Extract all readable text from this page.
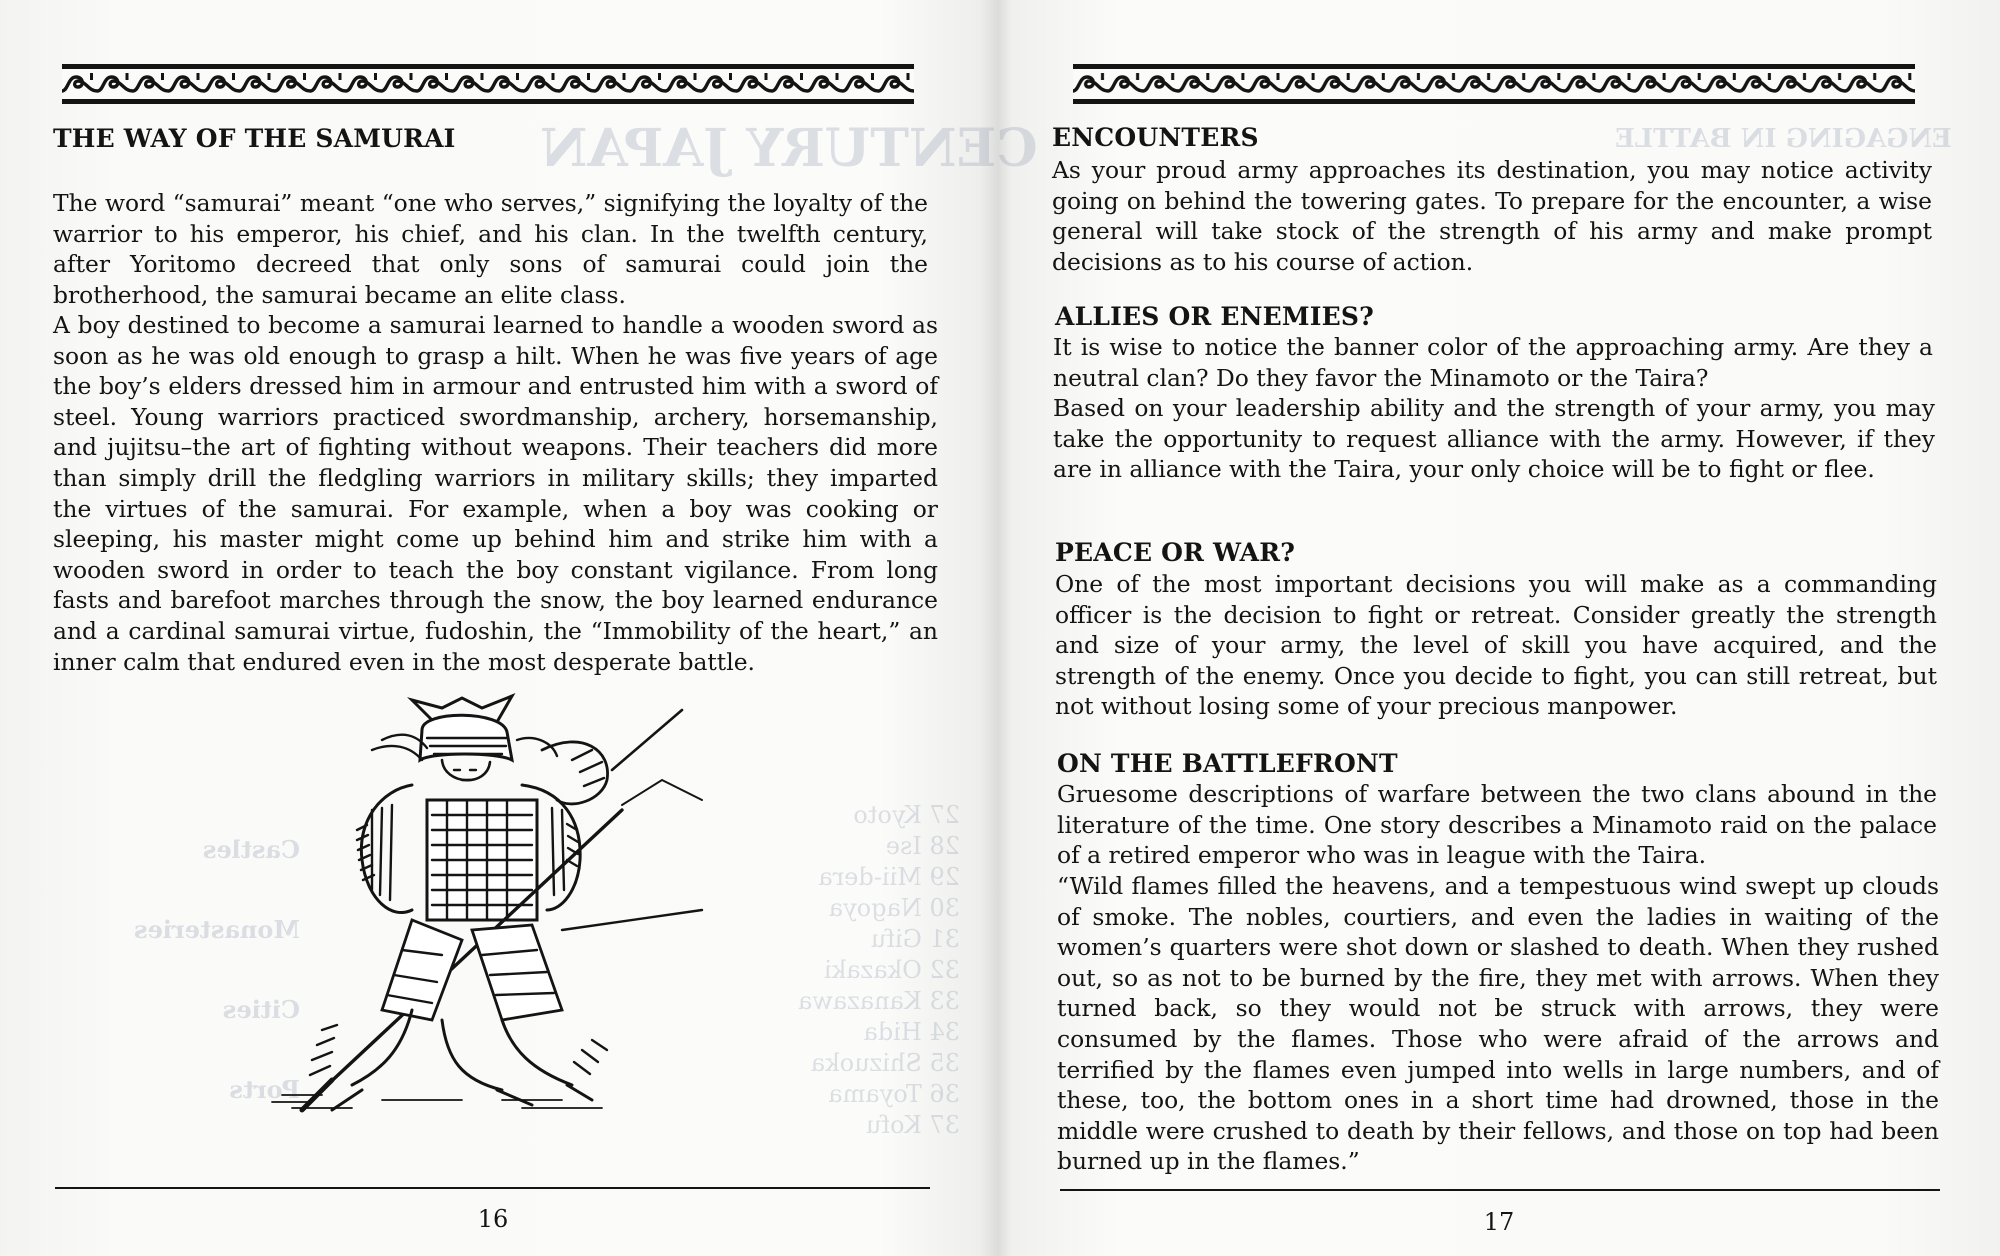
CENTURY JAPAN
27 Kyoto
28 Ise
29 Mii-dera
30 Nagoya
31 Gifu
32 Okazaki
33 Kanazawa
34 Hida
35 Shizuoka
36 Toyama
37 Kofu
Castles
Monasteries
Cities
Ports
THE WAY OF THE SAMURAI
The word “samurai” meant “one who serves,” signifying the loyalty of the warrior to his emperor, his chief, and his clan. In the twelfth century, after Yoritomo decreed that only sons of samurai could join the brotherhood, the samurai became an elite class.
A boy destined to become a samurai learned to handle a wooden sword as soon as he was old enough to grasp a hilt. When he was five years of age the boy’s elders dressed him in armour and entrusted him with a sword of steel. Young warriors practiced swordmanship, archery, horsemanship, and jujitsu–the art of fighting without weapons. Their teachers did more than simply drill the fledgling warriors in military skills; they imparted the virtues of the samurai. For example, when a boy was cooking or sleeping, his master might come up behind him and strike him with a wooden sword in order to teach the boy constant vigilance. From long fasts and barefoot marches through the snow, the boy learned endurance and a cardinal samurai virtue, fudoshin, the “Immobility of the heart,” an inner calm that endured even in the most desperate battle.
16
ENGAGING IN BATTLE
ENCOUNTERS
As your proud army approaches its destination, you may notice activity going on behind the towering gates. To prepare for the encounter, a wise general will take stock of the strength of his army and make prompt decisions as to his course of action.
ALLIES OR ENEMIES?
It is wise to notice the banner color of the approaching army. Are they a neutral clan? Do they favor the Minamoto or the Taira?
Based on your leadership ability and the strength of your army, you may take the opportunity to request alliance with the army. However, if they are in alliance with the Taira, your only choice will be to fight or flee.
PEACE OR WAR?
One of the most important decisions you will make as a commanding officer is the decision to fight or retreat. Consider greatly the strength and size of your army, the level of skill you have acquired, and the strength of the enemy. Once you decide to fight, you can still retreat, but not without losing some of your precious manpower.
ON THE BATTLEFRONT
Gruesome descriptions of warfare between the two clans abound in the literature of the time. One story describes a Minamoto raid on the palace of a retired emperor who was in league with the Taira.
“Wild flames filled the heavens, and a tempestuous wind swept up clouds of smoke. The nobles, courtiers, and even the ladies in waiting of the women’s quarters were shot down or slashed to death. When they rushed out, so as not to be burned by the fire, they met with arrows. When they turned back, so they would not be struck with arrows, they were consumed by the flames. Those who were afraid of the arrows and terrified by the flames even jumped into wells in large numbers, and of these, too, the bottom ones in a short time had drowned, those in the middle were crushed to death by their fellows, and those on top had been burned up in the flames.”
17
